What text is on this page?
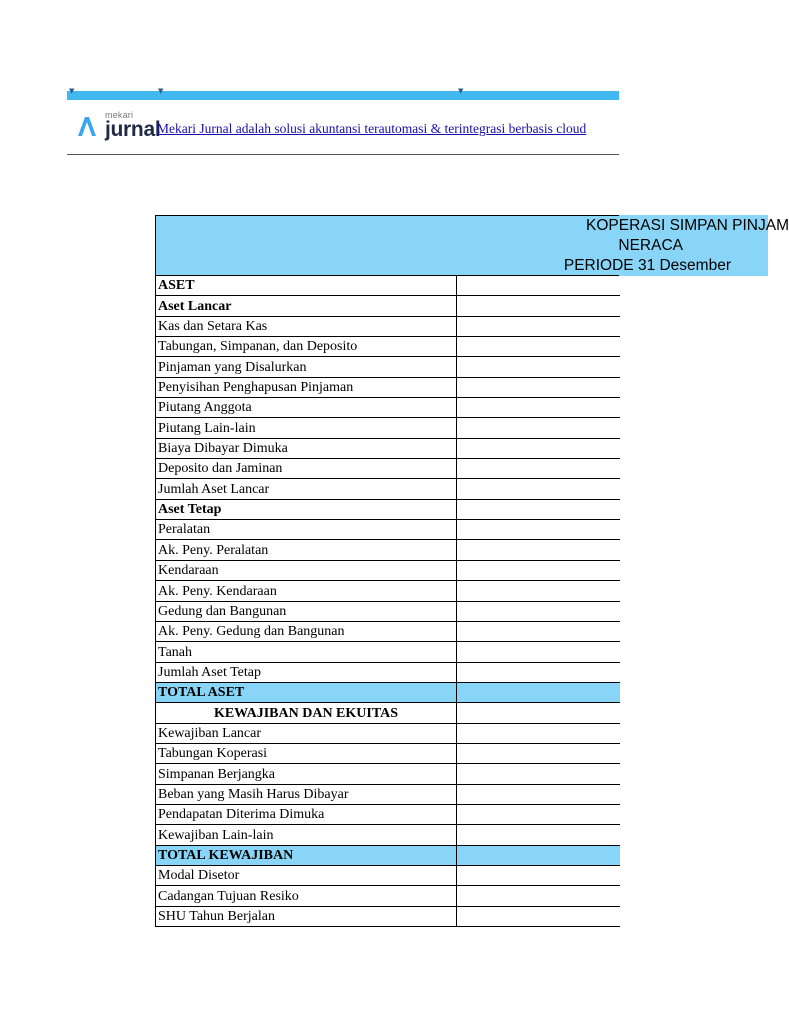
▼	▼	▼
mekari
jurnal
Mekari Jurnal adalah solusi akuntansi terautomasi & terintegrasi berbasis cloud
KOPERASI SIMPAN PINJAM
NERACA
PERIODE 31 Desember
ASET	
Aset Lancar	
Kas dan Setara Kas	
Tabungan, Simpanan, dan Deposito	
Pinjaman yang Disalurkan	
Penyisihan Penghapusan Pinjaman	
Piutang Anggota	
Piutang Lain-lain	
Biaya Dibayar Dimuka	
Deposito dan Jaminan	
Jumlah Aset Lancar	
Aset Tetap	
Peralatan	
Ak. Peny. Peralatan	
Kendaraan	
Ak. Peny. Kendaraan	
Gedung dan Bangunan	
Ak. Peny. Gedung dan Bangunan	
Tanah	
Jumlah Aset Tetap	
TOTAL ASET	
KEWAJIBAN DAN EKUITAS	
Kewajiban Lancar	
Tabungan Koperasi	
Simpanan Berjangka	
Beban yang Masih Harus Dibayar	
Pendapatan Diterima Dimuka	
Kewajiban Lain-lain	
TOTAL KEWAJIBAN	
Modal Disetor	
Cadangan Tujuan Resiko	
SHU Tahun Berjalan	
